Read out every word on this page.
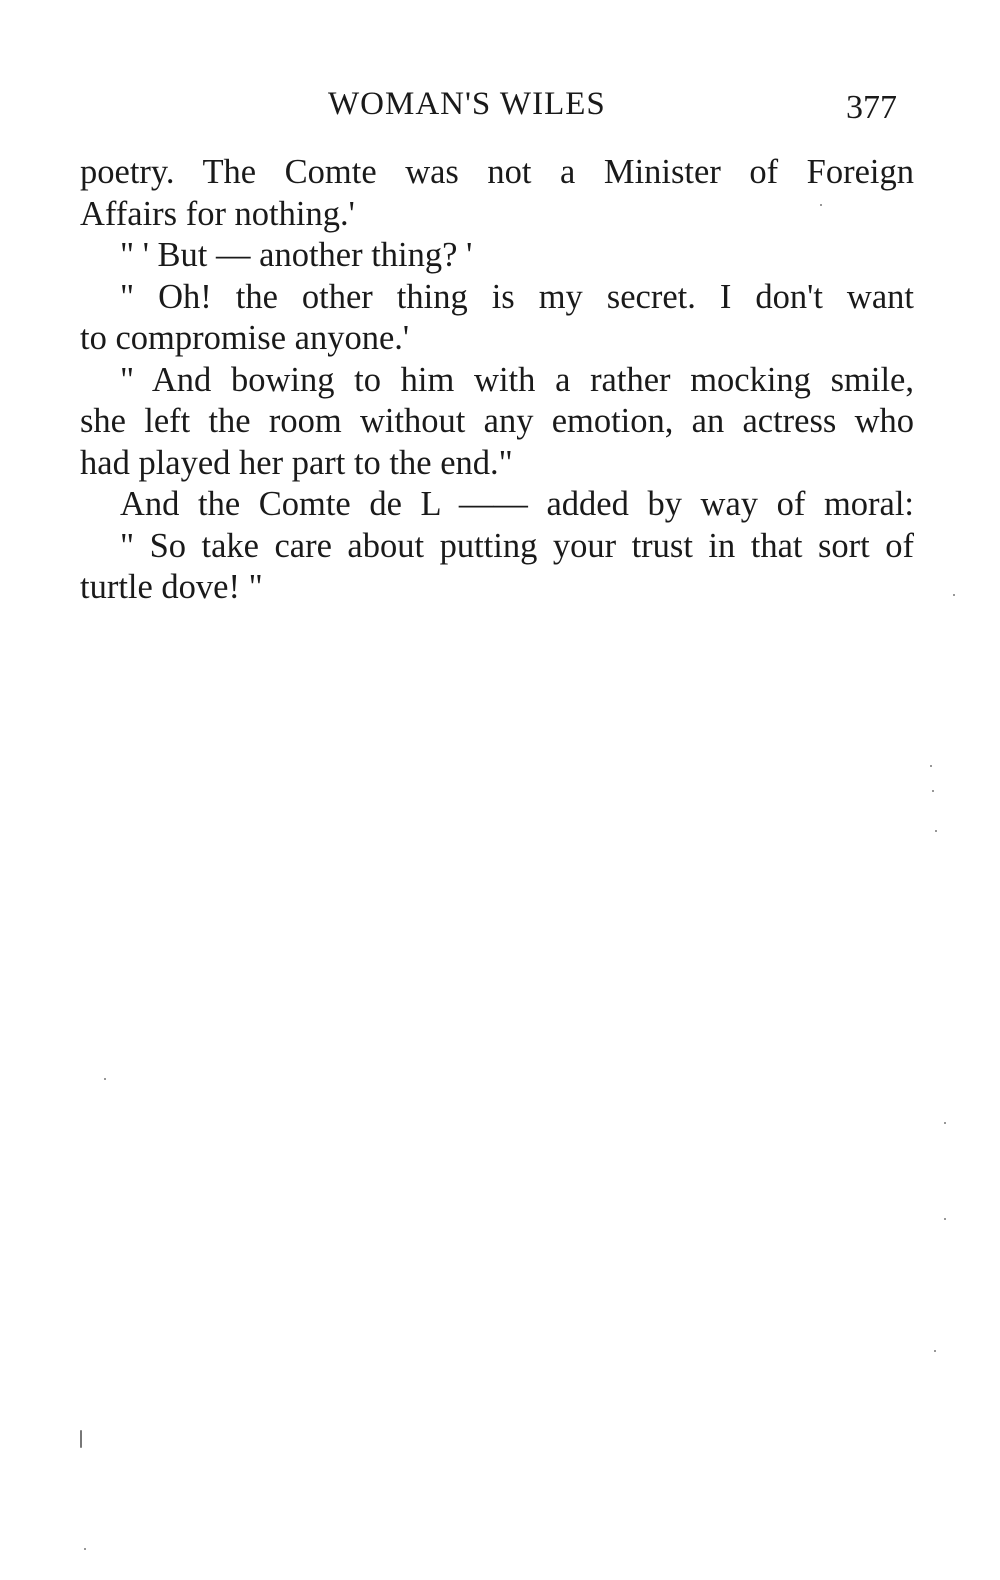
WOMAN'S WILES	377
poetry. The Comte was not a Minister of Foreign
Affairs for nothing.'
" ' But — another thing? '
" Oh! the other thing is my secret. I don't want
to compromise anyone.'
" And bowing to him with a rather mocking smile,
she left the room without any emotion, an actress who
had played her part to the end."
And the Comte de L —— added by way of moral:
" So take care about putting your trust in that sort of
turtle dove! "
